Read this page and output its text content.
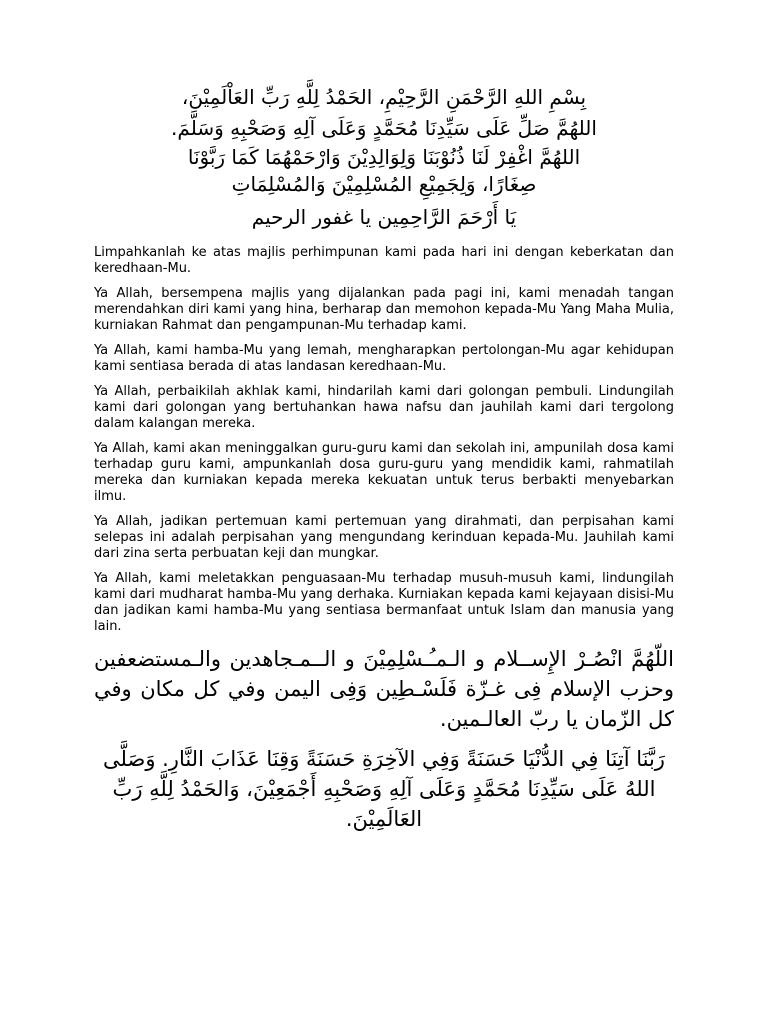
بِسْمِ اللهِ الرَّحْمَنِ الرَّحِيْمِ، الحَمْدُ لِلَّهِ رَبِّ العَاْلَمِيْنَ،
اللهُمَّ صَلِّ عَلَى سَيِّدِنَا مُحَمَّدٍ وَعَلَى آلِهِ وَصَحْبِهِ وَسَلَّمَ.
اللهُمَّ اغْفِرْ لَنَا ذُنُوْبَنَا وَلِوَالِدِيْنَ وَارْحَمْهُمَا كَمَا رَبَّوْنَا
صِغَارًا، وَلِجَمِيْعِ المُسْلِمِيْنَ وَالمُسْلِمَاتِ
يَا أَرْحَمَ الرَّاحِمِين يا غفور الرحيم

Limpahkanlah ke atas majlis perhimpunan kami pada hari ini dengan keberkatan dan keredhaan-Mu.

Ya Allah, bersempena majlis yang dijalankan pada pagi ini, kami menadah tangan merendahkan diri kami yang hina, berharap dan memohon kepada-Mu Yang Maha Mulia, kurniakan Rahmat dan pengampunan-Mu terhadap kami.

Ya Allah, kami hamba-Mu yang lemah, mengharapkan pertolongan-Mu agar kehidupan kami sentiasa berada di atas landasan keredhaan-Mu.

Ya Allah, perbaikilah akhlak kami, hindarilah kami dari golongan pembuli. Lindungilah kami dari golongan yang bertuhankan hawa nafsu dan jauhilah kami dari tergolong dalam kalangan mereka.

Ya Allah, kami akan meninggalkan guru-guru kami dan sekolah ini, ampunilah dosa kami terhadap guru kami, ampunkanlah dosa guru-guru yang mendidik kami, rahmatilah mereka dan kurniakan kepada mereka kekuatan untuk terus berbakti menyebarkan ilmu.

Ya Allah, jadikan pertemuan kami pertemuan yang dirahmati, dan perpisahan kami selepas ini adalah perpisahan yang mengundang kerinduan kepada-Mu. Jauhilah kami dari zina serta perbuatan keji dan mungkar.

Ya Allah, kami meletakkan penguasaan-Mu terhadap musuh-musuh kami, lindungilah kami dari mudharat hamba-Mu yang derhaka. Kurniakan kepada kami kejayaan disisi-Mu dan jadikan kami hamba-Mu yang sentiasa bermanfaat untuk Islam dan manusia yang lain.

اللّهُمَّ انْصُـرْ الإِســلام و الـمـُـسْلِمِيْنَ و الــمـجاهدين والـمستضعفين وحزب الإسلام فِى غـزّة فَلَسْـطِين وَفِى اليمن وفي كل مكان وفي كل الزّمان يا ربّ العالـمين.

رَبَّنَا آتِنَا فِي الدُّنْيَا حَسَنَةً وَفِي الآخِرَةِ حَسَنَةً وَقِنَا عَذَابَ النَّارِ. وَصَلَّى اللهُ عَلَى سَيِّدِنَا مُحَمَّدٍ وَعَلَى آلِهِ وَصَحْبِهِ أَجْمَعِيْنَ، وَالحَمْدُ لِلَّهِ رَبِّ العَالَمِيْنَ.
